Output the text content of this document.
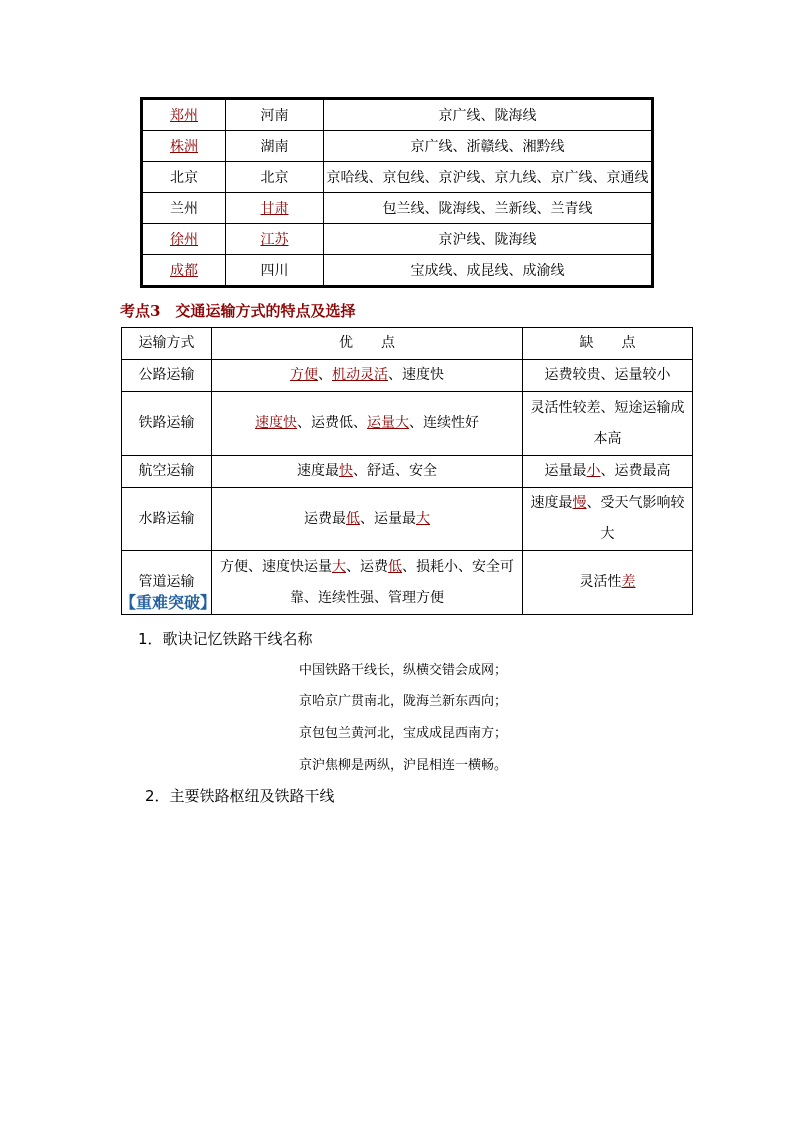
郑州	河南	京广线、陇海线
株洲	湖南	京广线、浙赣线、湘黔线
北京	北京	京哈线、京包线、京沪线、京九线、京广线、京通线
兰州	甘肃	包兰线、陇海线、兰新线、兰青线
徐州	江苏	京沪线、陇海线
成都	四川	宝成线、成昆线、成渝线
考点3　交通运输方式的特点及选择
运输方式	优　　点	缺　　点
公路运输	方便、机动灵活、速度快	运费较贵、运量较小
铁路运输	速度快、运费低、运量大、连续性好	灵活性较差、短途运输成本高
航空运输	速度最快、舒适、安全	运量最小、运费最高
水路运输	运费最低、运量最大	速度最慢、受天气影响较大
管道运输	方便、速度快运量大、运费低、损耗小、安全可靠、连续性强、管理方便	灵活性差
【重难突破】
1．歌诀记忆铁路干线名称
中国铁路干线长，纵横交错会成网；
京哈京广贯南北，陇海兰新东西向；
京包包兰黄河北，宝成成昆西南方；
京沪焦柳是两纵，沪昆相连一横畅。
2．主要铁路枢纽及铁路干线
